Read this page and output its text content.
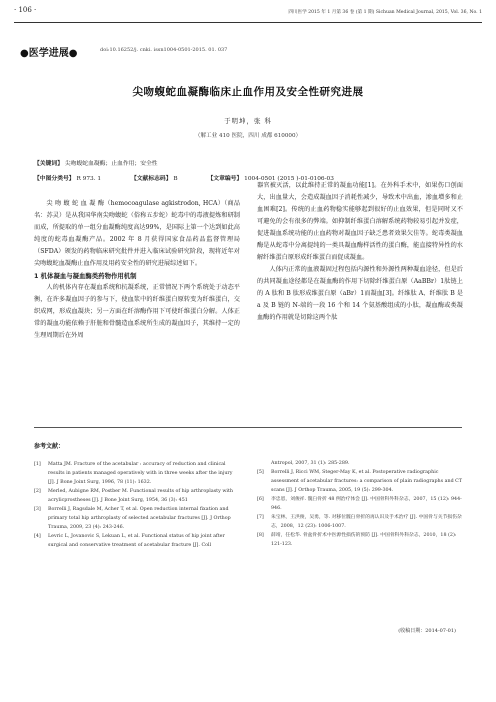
· 106 ·	四川医学 2015 年 1 月第 36 卷 (第 1 期) Sichuan Medical Journal, 2015, Vol. 36, No. 1
●医学进展●	doi:10.16252/j. cnki. issn1004-0501-2015. 01. 037
尖吻蝮蛇血凝酶临床止血作用及安全性研究进展
于明坤，张 科
（解工业 410 医院，四川 成都 610000）
【关键词】 尖吻蝮蛇血凝酶；止血作用；安全性
【中图分类号】 R 973. 1	【文献标志码】 B	【文章编号】 1004-0501 (2015 )-01-0106-03

尖 吻 蝮 蛇 血 凝 酶（hemocoagulase agkistrodon, HCA）（商品名：苏灵）是从我国华南尖吻蝮蛇（俗称五步蛇）蛇毒中的毒液提炼和研制而成，所提取的单一组分血凝酶纯度高达99%，是国际上第一个达到如此高纯度的蛇毒血凝酶产品。2002 年 8 月获得国家食品药品监督管理局（SFDA）颁发的药物临床研究批件并进入临床试验研究阶段，现将近年对尖吻蝮蛇血凝酶止血作用及用药安全性的研究进展综述如下。

1 机体凝血与凝血酶类药物作用机制

人的机体内存在凝血系统和抗凝系统，正常情况下两个系统处于动态平衡，在许多凝血因子的参与下，使血浆中的纤维蛋白原转变为纤维蛋白，交织成网，形成血凝块；另一方面在纤溶酶作用下可使纤维蛋白分解。人体正常的凝血功能依赖于肝脏和骨髓造血系统所生成的凝血因子，其维持一定的生理周期后在外周

器官被灭活，以此维持正常的凝血功能[1]。在外科手术中，如果伤口创面大，出血量大，会造成凝血因子消耗性减少，导致术中出血，渗血增多和止血困难[2]。传统的止血药物稳实能够起到很好的止血效果，但是同时又不可避免的会有很多的弊端。如抑制纤维蛋白溶解系统药物较易引起并发症，促进凝血系统功能的止血药物对凝血因子缺乏患者效果欠佳等。蛇毒类凝血酶是从蛇毒中分离提纯的一类具凝血酶样活性的蛋白酶，能直接特异性的水解纤维蛋白原形成纤维蛋白而促成凝血。

人体内正常的血液凝固过程包括内源性和外源性两种凝血途径，但是后的共同凝血途径都是在凝血酶的作用下切除纤维蛋白原（AaBBr）1肽链上的 A 肽和 B 肽形成维蛋白原（aBr）1而凝血[3]。纤维肽 A、纤维肽 B 是 a 及 B 链的 N-端的一段 16 个和 14 个氨基酸组成的小肽，凝血酶或类凝血酶的作用就是切除这两个肽

参考文献：
[1]	Matta JM. Fracture of the acetabular : accuracy of reduction and clinical results in patients managed operatively with in three weeks after the injury [J]. J Bone Joint Surg, 1996, 78 (11): 1632.
[2]	Merled, Aubigne RM, Postber M. Functional results of hip arthroplasty with acrylicprostheses [J]. J Bone Joint Surg, 1954, 36 (3): 451
[3]	Borrelli J, Ragsdale M, Acher T, et al. Open reduction internal fixation and primary total hip arthroplasty of selected acetabular fractures [J]. J Orthop Trauma, 2009, 23 (4): 243-246.
[4]	Levric L, Jovanovic S, Lekuan L, et al. Functional status of hip joint after surgical and conservative treatment of acetabular fracture [J]. Coll
Antropol, 2007, 31 (1): 285-289.
[5]	Borrelli J, Ricci WM, Steger-May K, et al. Postoperative radiographic assessment of acetabular fractures: a comparison of plain radiographs and CT scans [J]. J Orthop Trauma, 2005, 19 (5): 299-304.
[6]	李忠恩，刘俊祥. 髋臼骨折 48 例治疗体会 [J]. 中国骨科外科杂志，2007，15 (12): 944-946.
[7]	朱宝林，王洪俊，吴勇，等. 对移位髋臼骨折的再认识及手术治疗 [J]. 中国骨与关节损伤杂志，2008，12 (23): 1006-1007.
[8]	薛靖，任松华. 骨盆骨折术中医源性损伤的预防 [J]. 中国骨科外科杂志，2010，18 (2): 121-123.
(收稿日期：2014-07-01)
